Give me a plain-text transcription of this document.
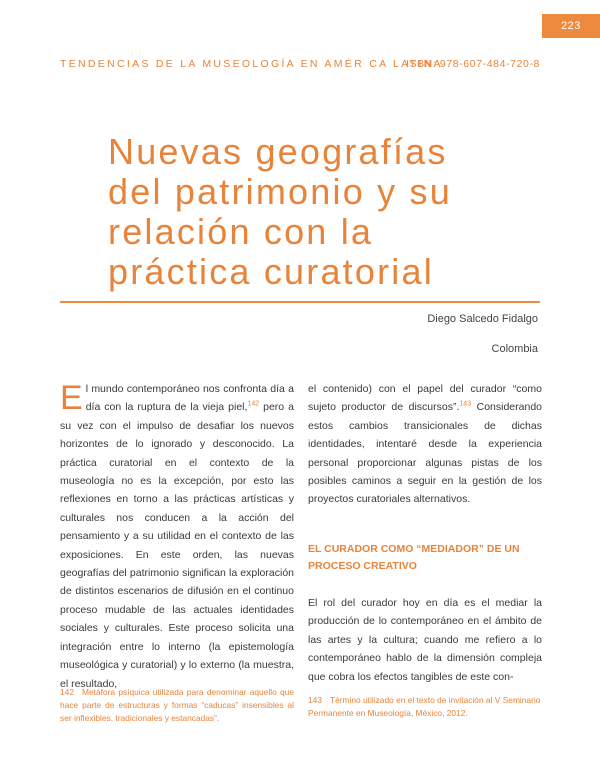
223
TENDENCIAS DE LA MUSEOLOGÍA EN AMÉR CA LATINA
ISBN: 978-607-484-720-8
Nuevas geografías
del patrimonio y su
relación con la
práctica curatorial
Diego Salcedo Fidalgo
Colombia

El mundo contemporáneo nos confronta día a día con la ruptura de la vieja piel,$^{142}$ pero a su vez con el impulso de desafiar los nuevos horizontes de lo ignorado y desconocido. La práctica curatorial en el contexto de la museología no es la excepción, por esto las reflexiones en torno a las prácticas artísticas y culturales nos conducen a la acción del pensamiento y a su utilidad en el contexto de las exposiciones. En este orden, las nuevas geografías del patrimonio significan la exploración de distintos escenarios de difusión en el continuo proceso mudable de las actuales identidades sociales y culturales. Este proceso solicita una integración entre lo interno (la epistemología museológica y curatorial) y lo externo (la muestra, el resultado,

el contenido) con el papel del curador “como sujeto productor de discursos”.$^{143}$ Considerando estos cambios transicionales de dichas identidades, intentaré desde la experiencia personal proporcionar algunas pistas de los posibles caminos a seguir en la gestión de los proyectos curatoriales alternativos.

EL CURADOR COMO “MEDIADOR” DE UN PROCESO CREATIVO

El rol del curador hoy en día es el mediar la producción de lo contemporáneo en el ámbito de las artes y la cultura; cuando me refiero a lo contemporáneo hablo de la dimensión compleja que cobra los efectos tangibles de este con-

142 Metáfora psíquica utilizada para denominar aquello que hace parte de estructuras y formas “caducas” insensibles al ser inflexibles, tradicionales y estancadas”.
143 Término utilizado en el texto de invitación al V Seminario Permanente en Museología, México, 2012.
